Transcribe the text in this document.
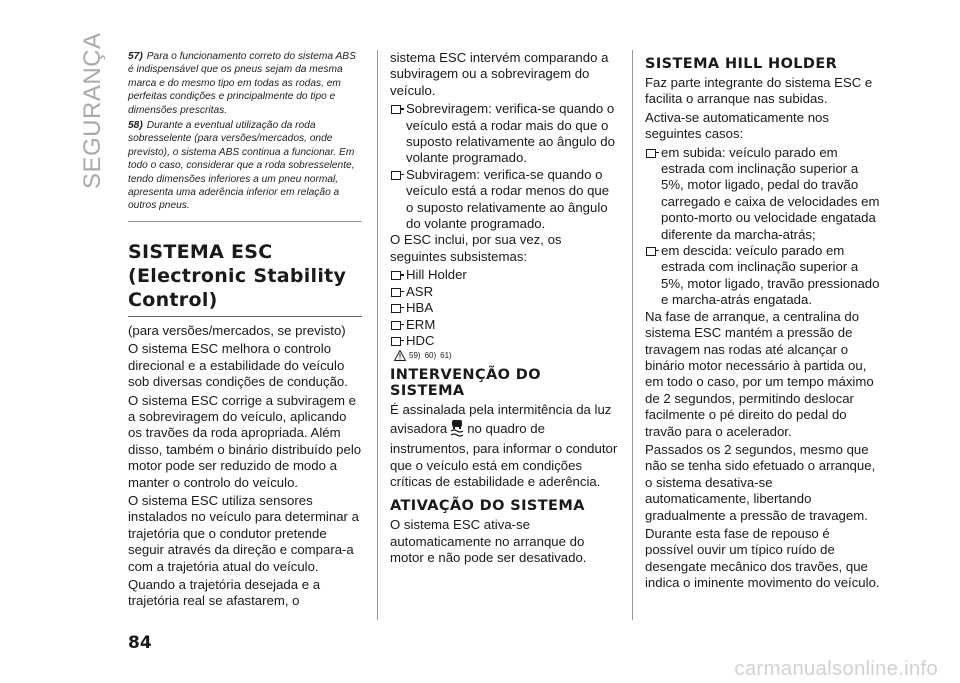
SEGURANÇA 57) Para o funcionamento correto do sistema ABS é indispensável que os pneus sejam da mesma marca e do mesmo tipo em todas as rodas, em perfeitas condições e principalmente do tipo e dimensões prescritas.
58) Durante a eventual utilização da roda sobresselente (para versões/mercados, onde previsto), o sistema ABS continua a funcionar. Em todo o caso, considerar que a roda sobresselente, tendo dimensões inferiores a um pneu normal, apresenta uma aderência inferior em relação a outros pneus.
SISTEMA ESC (Electronic Stability Control)

(para versões/mercados, se previsto)

O sistema ESC melhora o controlo direcional e a estabilidade do veículo sob diversas condições de condução.

O sistema ESC corrige a subviragem e a sobreviragem do veículo, aplicando os travões da roda apropriada. Além disso, também o binário distribuído pelo motor pode ser reduzido de modo a manter o controlo do veículo.

O sistema ESC utiliza sensores instalados no veículo para determinar a trajetória que o condutor pretende seguir através da direção e compara-a com a trajetória atual do veículo.

Quando a trajetória desejada e a trajetória real se afastarem, o

sistema ESC intervém comparando a subviragem ou a sobreviragem do veículo.

Sobreviragem: verifica-se quando o veículo está a rodar mais do que o suposto relativamente ao ângulo do volante programado.
Subviragem: verifica-se quando o veículo está a rodar menos do que o suposto relativamente ao ângulo do volante programado.

O ESC inclui, por sua vez, os seguintes subsistemas:

Hill Holder
ASR
HBA
ERM
HDC
59) 60) 61)
INTERVENÇÃO DO SISTEMA

É assinalada pela intermitência da luz avisadora no quadro de instrumentos, para informar o condutor que o veículo está em condições críticas de estabilidade e aderência.

ATIVAÇÃO DO SISTEMA

O sistema ESC ativa-se automaticamente no arranque do motor e não pode ser desativado.

SISTEMA HILL HOLDER

Faz parte integrante do sistema ESC e facilita o arranque nas subidas.

Activa-se automaticamente nos seguintes casos:

em subida: veículo parado em estrada com inclinação superior a 5%, motor ligado, pedal do travão carregado e caixa de velocidades em ponto-morto ou velocidade engatada diferente da marcha-atrás;
em descida: veículo parado em estrada com inclinação superior a 5%, motor ligado, travão pressionado e marcha-atrás engatada.

Na fase de arranque, a centralina do sistema ESC mantém a pressão de travagem nas rodas até alcançar o binário motor necessário à partida ou, em todo o caso, por um tempo máximo de 2 segundos, permitindo deslocar facilmente o pé direito do pedal do travão para o acelerador.

Passados os 2 segundos, mesmo que não se tenha sido efetuado o arranque, o sistema desativa-se automaticamente, libertando gradualmente a pressão de travagem.

Durante esta fase de repouso é possível ouvir um típico ruído de desengate mecânico dos travões, que indica o iminente movimento do veículo.

84
carmanualsonline.info
